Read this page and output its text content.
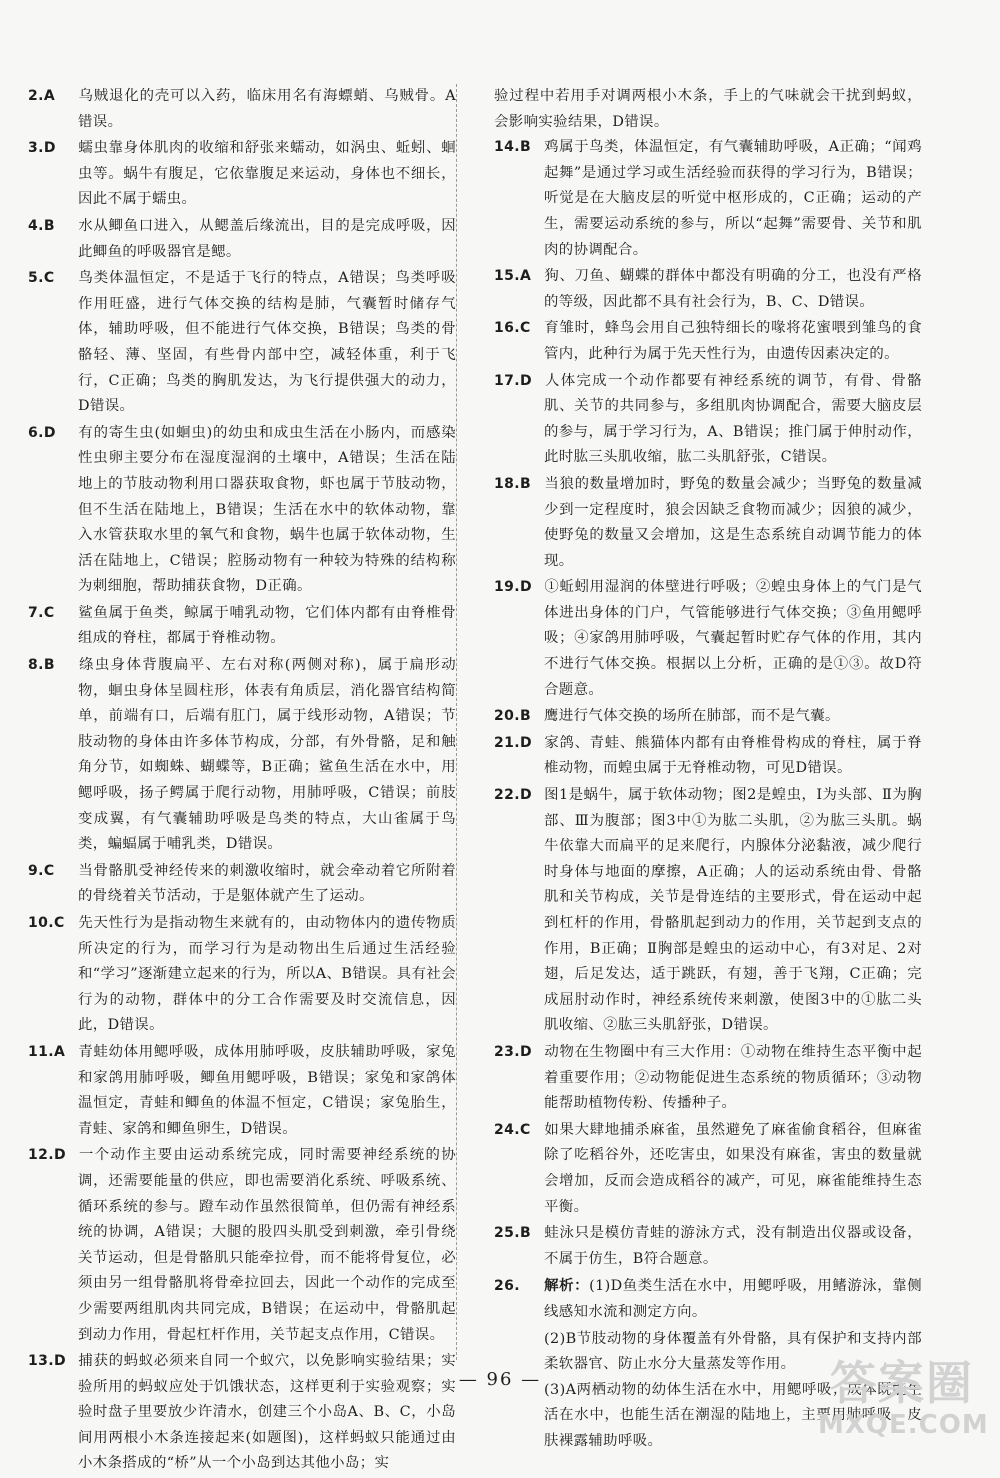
2.A 乌贼退化的壳可以入药，临床用名有海螵蛸、乌贼骨。A错误。

3.D 蠕虫靠身体肌肉的收缩和舒张来蠕动，如涡虫、蚯蚓、蛔虫等。蜗牛有腹足，它依靠腹足来运动，身体也不细长，因此不属于蠕虫。

4.B 水从鲫鱼口进入，从鳃盖后缘流出，目的是完成呼吸，因此鲫鱼的呼吸器官是鳃。

5.C 鸟类体温恒定，不是适于飞行的特点，A错误；鸟类呼吸作用旺盛，进行气体交换的结构是肺，气囊暂时储存气体，辅助呼吸，但不能进行气体交换，B错误；鸟类的骨骼轻、薄、坚固，有些骨内部中空，减轻体重，利于飞行，C正确；鸟类的胸肌发达，为飞行提供强大的动力，D错误。

6.D 有的寄生虫(如蛔虫)的幼虫和成虫生活在小肠内，而感染性虫卵主要分布在湿度湿润的土壤中，A错误；生活在陆地上的节肢动物利用口器获取食物，虾也属于节肢动物，但不生活在陆地上，B错误；生活在水中的软体动物，靠入水管获取水里的氧气和食物，蜗牛也属于软体动物，生活在陆地上，C错误；腔肠动物有一种较为特殊的结构称为刺细胞，帮助捕获食物，D正确。

7.C 鲨鱼属于鱼类，鲸属于哺乳动物，它们体内都有由脊椎骨组成的脊柱，都属于脊椎动物。

8.B 绦虫身体背腹扁平、左右对称(两侧对称)，属于扁形动物，蛔虫身体呈圆柱形，体表有角质层，消化器官结构简单，前端有口，后端有肛门，属于线形动物，A错误；节肢动物的身体由许多体节构成，分部，有外骨骼，足和触角分节，如蜘蛛、蝴蝶等，B正确；鲨鱼生活在水中，用鳃呼吸，扬子鳄属于爬行动物，用肺呼吸，C错误；前肢变成翼，有气囊辅助呼吸是鸟类的特点，大山雀属于鸟类，蝙蝠属于哺乳类，D错误。

9.C 当骨骼肌受神经传来的刺激收缩时，就会牵动着它所附着的骨绕着关节活动，于是躯体就产生了运动。

10.C 先天性行为是指动物生来就有的，由动物体内的遗传物质所决定的行为，而学习行为是动物出生后通过生活经验和“学习”逐渐建立起来的行为，所以A、B错误。具有社会行为的动物，群体中的分工合作需要及时交流信息，因此，D错误。

11.A 青蛙幼体用鳃呼吸，成体用肺呼吸，皮肤辅助呼吸，家兔和家鸽用肺呼吸，鲫鱼用鳃呼吸，B错误；家兔和家鸽体温恒定，青蛙和鲫鱼的体温不恒定，C错误；家兔胎生，青蛙、家鸽和鲫鱼卵生，D错误。

12.D 一个动作主要由运动系统完成，同时需要神经系统的协调，还需要能量的供应，即也需要消化系统、呼吸系统、循环系统的参与。蹬车动作虽然很简单，但仍需有神经系统的协调，A错误；大腿的股四头肌受到刺激，牵引骨绕关节运动，但是骨骼肌只能牵拉骨，而不能将骨复位，必须由另一组骨骼肌将骨牵拉回去，因此一个动作的完成至少需要两组肌肉共同完成，B错误；在运动中，骨骼肌起到动力作用，骨起杠杆作用，关节起支点作用，C错误。

13.D 捕获的蚂蚁必须来自同一个蚁穴，以免影响实验结果；实验所用的蚂蚁应处于饥饿状态，这样更利于实验观察；实验时盘子里要放少许清水，创建三个小岛A、B、C，小岛间用两根小木条连接起来(如题图)，这样蚂蚁只能通过由小木条搭成的“桥”从一个小岛到达其他小岛；实

验过程中若用手对调两根小木条，手上的气味就会干扰到蚂蚁，会影响实验结果，D错误。

14.B 鸡属于鸟类，体温恒定，有气囊辅助呼吸，A正确；“闻鸡起舞”是通过学习或生活经验而获得的学习行为，B错误；听觉是在大脑皮层的听觉中枢形成的，C正确；运动的产生，需要运动系统的参与，所以“起舞”需要骨、关节和肌肉的协调配合。

15.A 狗、刀鱼、蝴蝶的群体中都没有明确的分工，也没有严格的等级，因此都不具有社会行为，B、C、D错误。

16.C 育雏时，蜂鸟会用自己独特细长的喙将花蜜喂到雏鸟的食管内，此种行为属于先天性行为，由遗传因素决定的。

17.D 人体完成一个动作都要有神经系统的调节，有骨、骨骼肌、关节的共同参与，多组肌肉协调配合，需要大脑皮层的参与，属于学习行为，A、B错误；推门属于伸肘动作，此时肱三头肌收缩，肱二头肌舒张，C错误。

18.B 当狼的数量增加时，野兔的数量会减少；当野兔的数量减少到一定程度时，狼会因缺乏食物而减少；因狼的减少，使野兔的数量又会增加，这是生态系统自动调节能力的体现。

19.D ①蚯蚓用湿润的体壁进行呼吸；②蝗虫身体上的气门是气体进出身体的门户，气管能够进行气体交换；③鱼用鳃呼吸；④家鸽用肺呼吸，气囊起暂时贮存气体的作用，其内不进行气体交换。根据以上分析，正确的是①③。故D符合题意。

20.B 鹰进行气体交换的场所在肺部，而不是气囊。

21.D 家鸽、青蛙、熊猫体内都有由脊椎骨构成的脊柱，属于脊椎动物，而蝗虫属于无脊椎动物，可见D错误。

22.D 图1是蜗牛，属于软体动物；图2是蝗虫，Ⅰ为头部、Ⅱ为胸部、Ⅲ为腹部；图3中①为肱二头肌，②为肱三头肌。蜗牛依靠大而扁平的足来爬行，内腺体分泌黏液，减少爬行时身体与地面的摩擦，A正确；人的运动系统由骨、骨骼肌和关节构成，关节是骨连结的主要形式，骨在运动中起到杠杆的作用，骨骼肌起到动力的作用，关节起到支点的作用，B正确；Ⅱ胸部是蝗虫的运动中心，有3对足、2对翅，后足发达，适于跳跃，有翅，善于飞翔，C正确；完成屈肘动作时，神经系统传来刺激，使图3中的①肱二头肌收缩、②肱三头肌舒张，D错误。

23.D 动物在生物圈中有三大作用：①动物在维持生态平衡中起着重要作用；②动物能促进生态系统的物质循环；③动物能帮助植物传粉、传播种子。

24.C 如果大肆地捕杀麻雀，虽然避免了麻雀偷食稻谷，但麻雀除了吃稻谷外，还吃害虫，如果没有麻雀，害虫的数量就会增加，反而会造成稻谷的减产，可见，麻雀能维持生态平衡。

25.B 蛙泳只是模仿青蛙的游泳方式，没有制造出仪器或设备，不属于仿生，B符合题意。

26. 解析：(1)D鱼类生活在水中，用鳃呼吸，用鳍游泳，靠侧线感知水流和测定方向。

(2)B节肢动物的身体覆盖有外骨骼，具有保护和支持内部柔软器官、防止水分大量蒸发等作用。

(3)A两栖动物的幼体生活在水中，用鳃呼吸；成体既能生活在水中，也能生活在潮湿的陆地上，主要用肺呼吸，皮肤裸露辅助呼吸。

— 96 —	答案圈
MXQE.COM
